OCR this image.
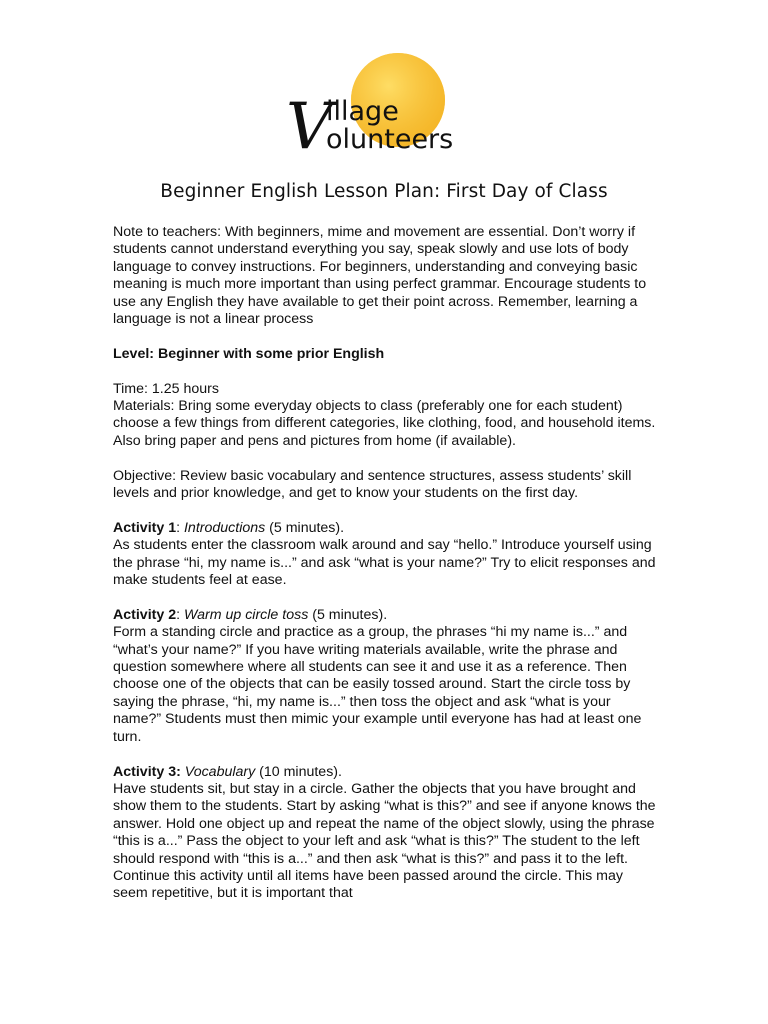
V
illage
olunteers
Beginner English Lesson Plan: First Day of Class

Note to teachers: With beginners, mime and movement are essential. Don’t worry if students cannot understand everything you say, speak slowly and use lots of body language to convey instructions. For beginners, understanding and conveying basic meaning is much more important than using perfect grammar. Encourage students to use any English they have available to get their point across. Remember, learning a language is not a linear process

Level: Beginner with some prior English

Time: 1.25 hours

Materials: Bring some everyday objects to class (preferably one for each student) choose a few things from different categories, like clothing, food, and household items. Also bring paper and pens and pictures from home (if available).

Objective: Review basic vocabulary and sentence structures, assess students’ skill levels and prior knowledge, and get to know your students on the first day.

Activity 1: Introductions (5 minutes).
As students enter the classroom walk around and say “hello.” Introduce yourself using the phrase “hi, my name is...” and ask “what is your name?” Try to elicit responses and make students feel at ease.
Activity 2: Warm up circle toss (5 minutes).
Form a standing circle and practice as a group, the phrases “hi my name is...” and “what’s your name?” If you have writing materials available, write the phrase and question somewhere where all students can see it and use it as a reference. Then choose one of the objects that can be easily tossed around. Start the circle toss by saying the phrase, “hi, my name is...” then toss the object and ask “what is your name?” Students must then mimic your example until everyone has had at least one turn.
Activity 3: Vocabulary (10 minutes).
Have students sit, but stay in a circle. Gather the objects that you have brought and show them to the students. Start by asking “what is this?” and see if anyone knows the answer. Hold one object up and repeat the name of the object slowly, using the phrase “this is a...” Pass the object to your left and ask “what is this?” The student to the left should respond with “this is a...” and then ask “what is this?” and pass it to the left. Continue this activity until all items have been passed around the circle. This may seem repetitive, but it is important that
